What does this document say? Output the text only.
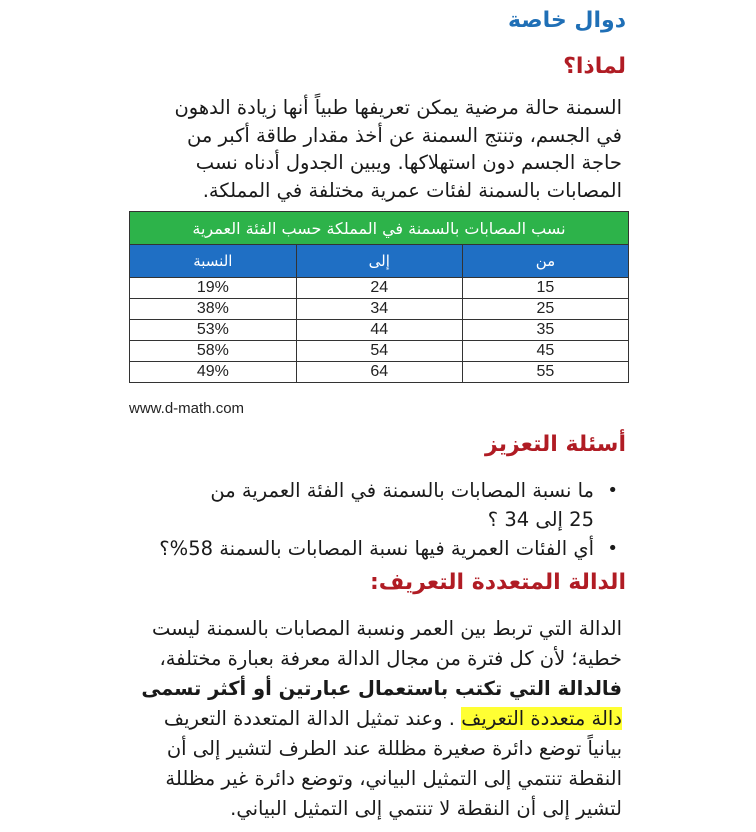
دوال خاصة
لماذا؟
السمنة حالة مرضية يمكن تعريفها طبياً أنها زيادة الدهون
في الجسم، وتنتج السمنة عن أخذ مقدار طاقة أكبر من
حاجة الجسم دون استهلاكها. ويبين الجدول أدناه نسب
المصابات بالسمنة لفئات عمرية مختلفة في المملكة.
نسب المصابات بالسمنة في المملكة حسب الفئة العمرية		
من	إلى	النسبة
15	24	19%
25	34	38%
35	44	53%
45	54	58%
55	64	49%
www.d-math.com
أسئلة التعزيز
•
ما نسبة المصابات بالسمنة في الفئة العمرية من
25 إلى 34 ؟
•
أي الفئات العمرية فيها نسبة المصابات بالسمنة 58%؟
الدالة المتعددة التعريف:
الدالة التي تربط بين العمر ونسبة المصابات بالسمنة ليست
خطية؛ لأن كل فترة من مجال الدالة معرفة بعبارة مختلفة،
فالدالة التي تكتب باستعمال عبارتين أو أكثر تسمى
دالة متعددة التعريف . وعند تمثيل الدالة المتعددة التعريف
بيانياً توضع دائرة صغيرة مظللة عند الطرف لتشير إلى أن
النقطة تنتمي إلى التمثيل البياني، وتوضع دائرة غير مظللة
لتشير إلى أن النقطة لا تنتمي إلى التمثيل البياني.
